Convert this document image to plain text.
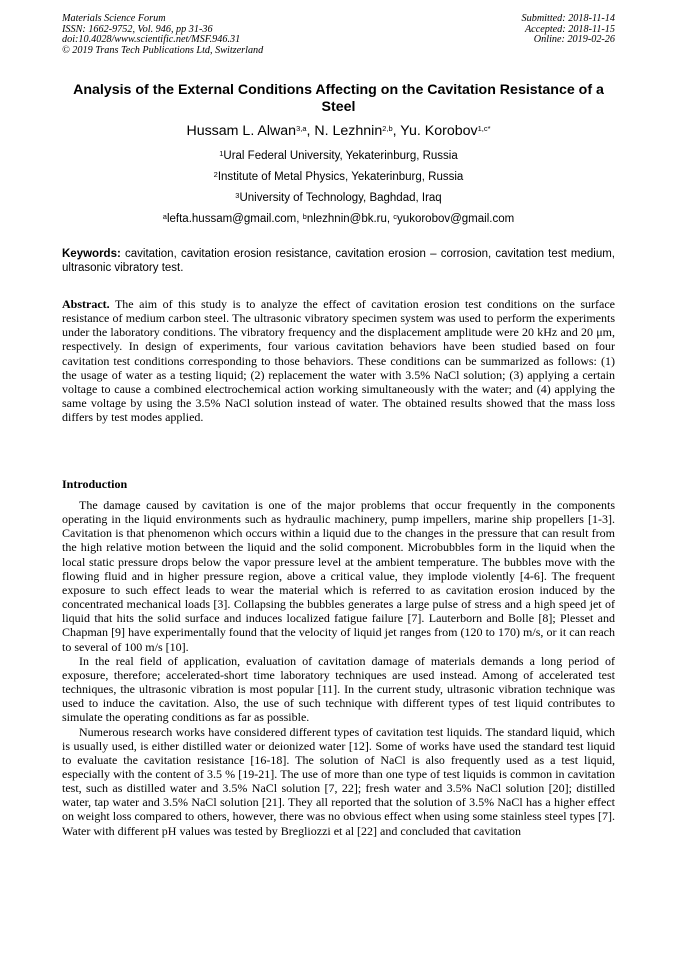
Materials Science Forum
ISSN: 1662-9752, Vol. 946, pp 31-36
doi:10.4028/www.scientific.net/MSF.946.31
© 2019 Trans Tech Publications Ltd, Switzerland
Submitted: 2018-11-14
Accepted: 2018-11-15
Online: 2019-02-26
Analysis of the External Conditions Affecting on the Cavitation Resistance of a Steel
Hussam L. Alwan$^{3,a}$, N. Lezhnin$^{2,b}$, Yu. Korobov$^{1,c*}$
$^1$Ural Federal University, Yekaterinburg, Russia
$^2$Institute of Metal Physics, Yekaterinburg, Russia
$^3$University of Technology, Baghdad, Iraq
$^a$lefta.hussam@gmail.com, $^b$nlezhnin@bk.ru, $^c$yukorobov@gmail.com
Keywords: cavitation, cavitation erosion resistance, cavitation erosion – corrosion, cavitation test medium, ultrasonic vibratory test.
Abstract. The aim of this study is to analyze the effect of cavitation erosion test conditions on the surface resistance of medium carbon steel. The ultrasonic vibratory specimen system was used to perform the experiments under the laboratory conditions. The vibratory frequency and the displacement amplitude were 20 kHz and 20 μm, respectively. In design of experiments, four various cavitation behaviors have been studied based on four cavitation test conditions corresponding to those behaviors. These conditions can be summarized as follows: (1) the usage of water as a testing liquid; (2) replacement the water with 3.5% NaCl solution; (3) applying a certain voltage to cause a combined electrochemical action working simultaneously with the water; and (4) applying the same voltage by using the 3.5% NaCl solution instead of water. The obtained results showed that the mass loss differs by test modes applied.
Introduction

The damage caused by cavitation is one of the major problems that occur frequently in the components operating in the liquid environments such as hydraulic machinery, pump impellers, marine ship propellers [1-3]. Cavitation is that phenomenon which occurs within a liquid due to the changes in the pressure that can result from the high relative motion between the liquid and the solid component. Microbubbles form in the liquid when the local static pressure drops below the vapor pressure level at the ambient temperature. The bubbles move with the flowing fluid and in higher pressure region, above a critical value, they implode violently [4-6]. The frequent exposure to such effect leads to wear the material which is referred to as cavitation erosion induced by the concentrated mechanical loads [3]. Collapsing the bubbles generates a large pulse of stress and a high speed jet of liquid that hits the solid surface and induces localized fatigue failure [7]. Lauterborn and Bolle [8]; Plesset and Chapman [9] have experimentally found that the velocity of liquid jet ranges from (120 to 170) m/s, or it can reach to several of 100 m/s [10].

In the real field of application, evaluation of cavitation damage of materials demands a long period of exposure, therefore; accelerated-short time laboratory techniques are used instead. Among of accelerated test techniques, the ultrasonic vibration is most popular [11]. In the current study, ultrasonic vibration technique was used to induce the cavitation. Also, the use of such technique with different types of test liquid contributes to simulate the operating conditions as far as possible.

Numerous research works have considered different types of cavitation test liquids. The standard liquid, which is usually used, is either distilled water or deionized water [12]. Some of works have used the standard test liquid to evaluate the cavitation resistance [16-18]. The solution of NaCl is also frequently used as a test liquid, especially with the content of 3.5 % [19-21]. The use of more than one type of test liquids is common in cavitation test, such as distilled water and 3.5% NaCl solution [7, 22]; fresh water and 3.5% NaCl solution [20]; distilled water, tap water and 3.5% NaCl solution [21]. They all reported that the solution of 3.5% NaCl has a higher effect on weight loss compared to others, however, there was no obvious effect when using some stainless steel types [7]. Water with different pH values was tested by Bregliozzi et al [22] and concluded that cavitation
